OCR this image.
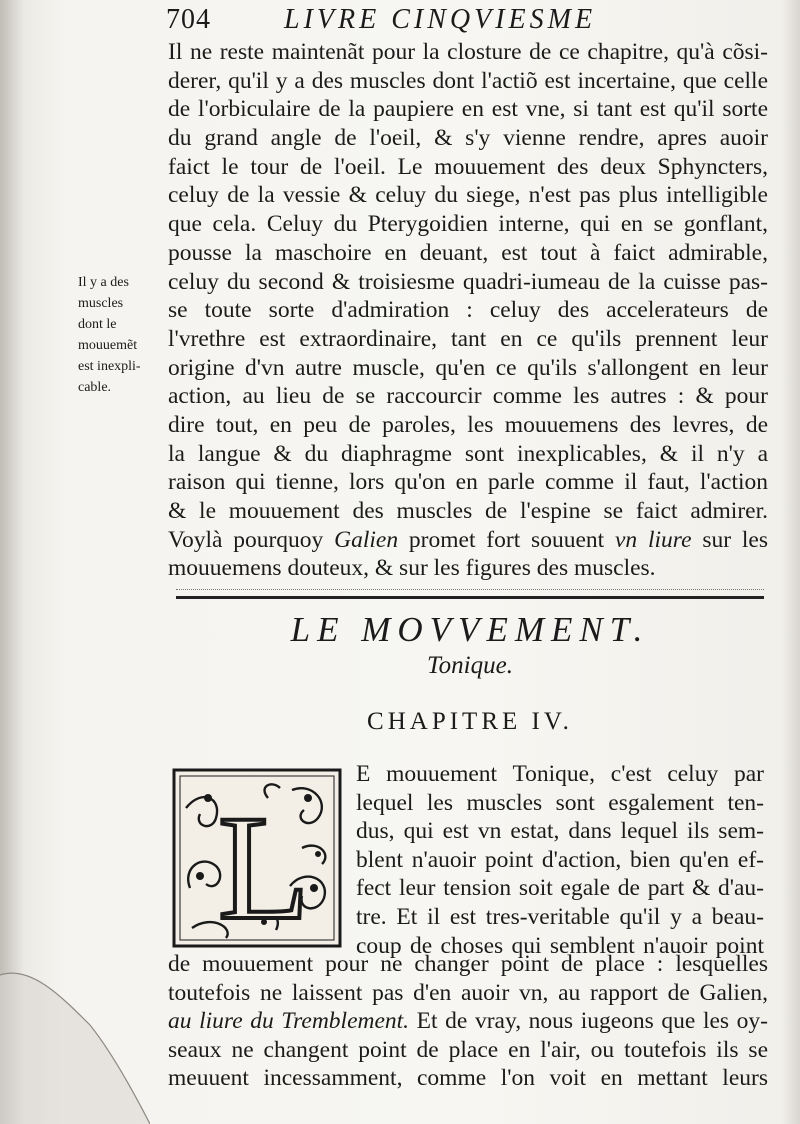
704	LIVRE CINQVIESME
Il y a des
muscles
dont le
mouuemẽt
est inexpli-
cable.
Il ne reste maintenãt pour la closture de ce chapitre, qu'à cõsi-
derer, qu'il y a des muscles dont l'actiõ est incertaine, que celle
de l'orbiculaire de la paupiere en est vne, si tant est qu'il sorte
du grand angle de l'oeil, & s'y vienne rendre, apres auoir
faict le tour de l'oeil. Le mouuement des deux Sphyncters,
celuy de la vessie & celuy du siege, n'est pas plus intelligible
que cela. Celuy du Pterygoidien interne, qui en se gonflant,
pousse la maschoire en deuant, est tout à faict admirable,
celuy du second & troisiesme quadri-iumeau de la cuisse pas-
se toute sorte d'admiration : celuy des accelerateurs de
l'vrethre est extraordinaire, tant en ce qu'ils prennent leur
origine d'vn autre muscle, qu'en ce qu'ils s'allongent en leur
action, au lieu de se raccourcir comme les autres : & pour
dire tout, en peu de paroles, les mouuemens des levres, de
la langue & du diaphragme sont inexplicables, & il n'y a
raison qui tienne, lors qu'on en parle comme il faut, l'action
& le mouuement des muscles de l'espine se faict admirer.
Voylà pourquoy Galien promet fort souuent vn liure sur les
mouuemens douteux, & sur les figures des muscles.
LE MOVVEMENT.
Tonique.
CHAPITRE IV.
L
E mouuement Tonique, c'est celuy par
lequel les muscles sont esgalement ten-
dus, qui est vn estat, dans lequel ils sem-
blent n'auoir point d'action, bien qu'en ef-
fect leur tension soit egale de part & d'au-
tre. Et il est tres-veritable qu'il y a beau-
coup de choses qui semblent n'auoir point
de mouuement pour ne changer point de place : lesquelles
toutefois ne laissent pas d'en auoir vn, au rapport de Galien,
au liure du Tremblement. Et de vray, nous iugeons que les oy-
seaux ne changent point de place en l'air, ou toutefois ils se
meuuent incessamment, comme l'on voit en mettant leurs
